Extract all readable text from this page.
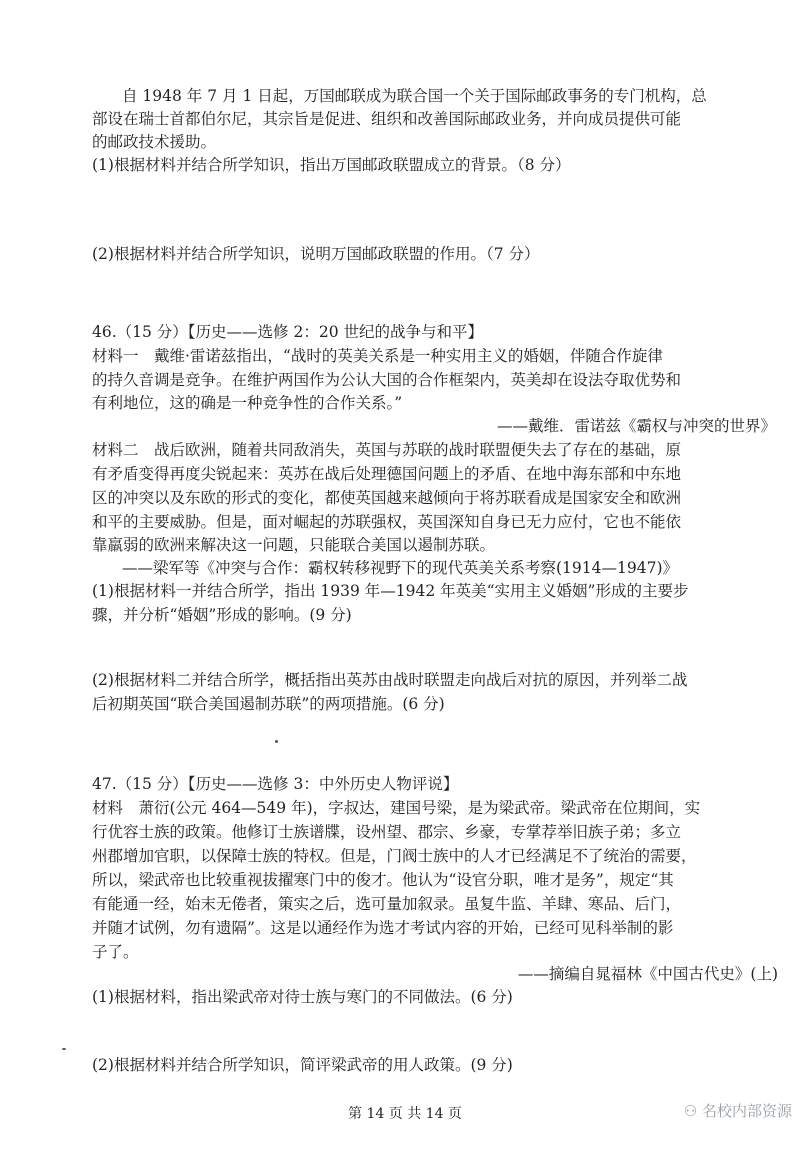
自 1948 年 7 月 1 日起，万国邮联成为联合国一个关于国际邮政事务的专门机构，总
部设在瑞士首都伯尔尼，其宗旨是促进、组织和改善国际邮政业务，并向成员提供可能
的邮政技术援助。
(1)根据材料并结合所学知识，指出万国邮政联盟成立的背景。（8 分）
(2)根据材料并结合所学知识，说明万国邮政联盟的作用。（7 分）
46.（15 分）【历史——选修 2：20 世纪的战争与和平】
材料一　戴维·雷诺兹指出，“战时的英美关系是一种实用主义的婚姻，伴随合作旋律
的持久音调是竞争。在维护两国作为公认大国的合作框架内，英美却在设法夺取优势和
有利地位，这的确是一种竞争性的合作关系。”
——戴维．雷诺兹《霸权与冲突的世界》
材料二　战后欧洲，随着共同敌消失，英国与苏联的战时联盟便失去了存在的基础，原
有矛盾变得再度尖锐起来：英苏在战后处理德国问题上的矛盾、在地中海东部和中东地
区的冲突以及东欧的形式的变化，都使英国越来越倾向于将苏联看成是国家安全和欧洲
和平的主要威胁。但是，面对崛起的苏联强权，英国深知自身已无力应付，它也不能依
靠羸弱的欧洲来解决这一问题，只能联合美国以遏制苏联。
——梁军等《冲突与合作：霸权转移视野下的现代英美关系考察(1914—1947)》
(1)根据材料一并结合所学，指出 1939 年—1942 年英美“实用主义婚姻”形成的主要步
骤，并分析“婚姻”形成的影响。(9 分)
(2)根据材料二并结合所学，概括指出英苏由战时联盟走向战后对抗的原因，并列举二战
后初期英国“联合美国遏制苏联”的两项措施。(6 分)
47.（15 分）【历史——选修 3：中外历史人物评说】
材料　萧衍(公元 464—549 年)，字叔达，建国号梁，是为梁武帝。梁武帝在位期间，实
行优容士族的政策。他修订士族谱牒，设州望、郡宗、乡豪，专掌荐举旧族子弟；多立
州郡增加官职，以保障士族的特权。但是，门阀士族中的人才已经满足不了统治的需要，
所以，梁武帝也比较重视拔擢寒门中的俊才。他认为“设官分职，唯才是务”，规定“其
有能通一经，始末无倦者，策实之后，选可量加叙录。虽复牛监、羊肆、寒品、后门，
并随才试例，勿有遗隔”。这是以通经作为选才考试内容的开始，已经可见科举制的影
子了。
——摘编自晁福林《中国古代史》(上)
(1)根据材料，指出梁武帝对待士族与寒门的不同做法。(6 分)
(2)根据材料并结合所学知识，简评梁武帝的用人政策。(9 分)
第 14 页 共 14 页	⚇ 名校内部资源
